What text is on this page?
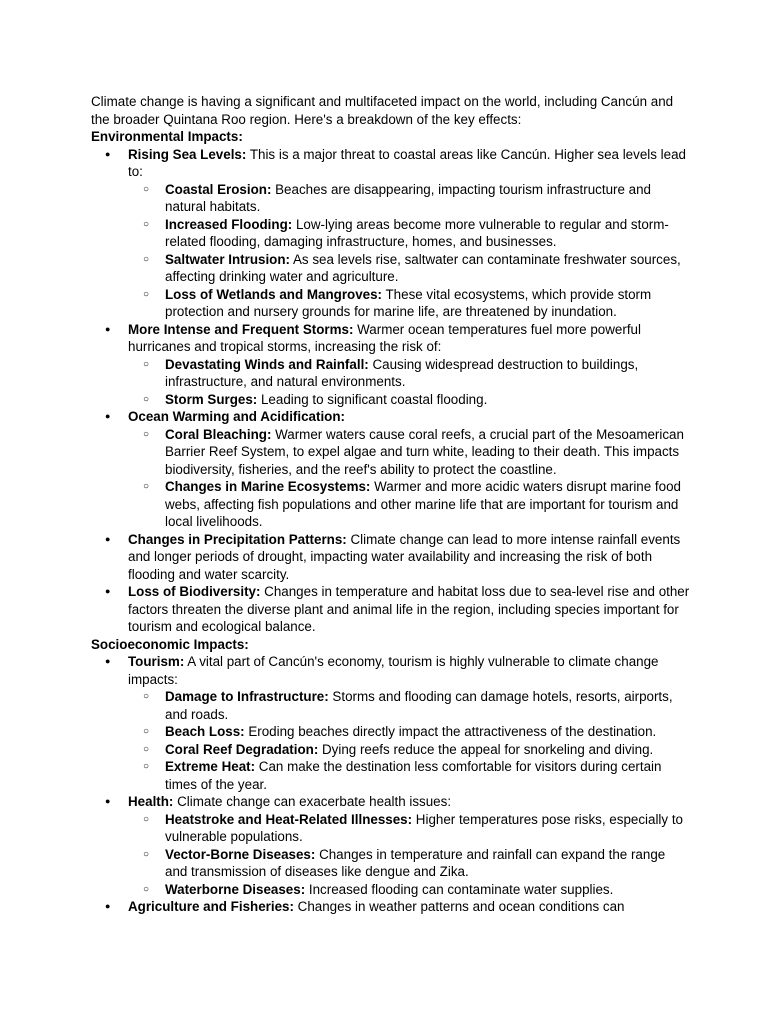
Climate change is having a significant and multifaceted impact on the world, including Cancún and the broader Quintana Roo region. Here's a breakdown of the key effects:

Environmental Impacts:

● Rising Sea Levels: This is a major threat to coastal areas like Cancún. Higher sea levels lead to:
○ Coastal Erosion: Beaches are disappearing, impacting tourism infrastructure and natural habitats.
○ Increased Flooding: Low-lying areas become more vulnerable to regular and storm-related flooding, damaging infrastructure, homes, and businesses.
○ Saltwater Intrusion: As sea levels rise, saltwater can contaminate freshwater sources, affecting drinking water and agriculture.
○ Loss of Wetlands and Mangroves: These vital ecosystems, which provide storm protection and nursery grounds for marine life, are threatened by inundation.
● More Intense and Frequent Storms: Warmer ocean temperatures fuel more powerful hurricanes and tropical storms, increasing the risk of:
○ Devastating Winds and Rainfall: Causing widespread destruction to buildings, infrastructure, and natural environments.
○ Storm Surges: Leading to significant coastal flooding.
● Ocean Warming and Acidification:
○ Coral Bleaching: Warmer waters cause coral reefs, a crucial part of the Mesoamerican Barrier Reef System, to expel algae and turn white, leading to their death. This impacts biodiversity, fisheries, and the reef's ability to protect the coastline.
○ Changes in Marine Ecosystems: Warmer and more acidic waters disrupt marine food webs, affecting fish populations and other marine life that are important for tourism and local livelihoods.
● Changes in Precipitation Patterns: Climate change can lead to more intense rainfall events and longer periods of drought, impacting water availability and increasing the risk of both flooding and water scarcity.
● Loss of Biodiversity: Changes in temperature and habitat loss due to sea-level rise and other factors threaten the diverse plant and animal life in the region, including species important for tourism and ecological balance.

Socioeconomic Impacts:

● Tourism: A vital part of Cancún's economy, tourism is highly vulnerable to climate change impacts:
○ Damage to Infrastructure: Storms and flooding can damage hotels, resorts, airports, and roads.
○ Beach Loss: Eroding beaches directly impact the attractiveness of the destination.
○ Coral Reef Degradation: Dying reefs reduce the appeal for snorkeling and diving.
○ Extreme Heat: Can make the destination less comfortable for visitors during certain times of the year.
● Health: Climate change can exacerbate health issues:
○ Heatstroke and Heat-Related Illnesses: Higher temperatures pose risks, especially to vulnerable populations.
○ Vector-Borne Diseases: Changes in temperature and rainfall can expand the range and transmission of diseases like dengue and Zika.
○ Waterborne Diseases: Increased flooding can contaminate water supplies.
● Agriculture and Fisheries: Changes in weather patterns and ocean conditions can
